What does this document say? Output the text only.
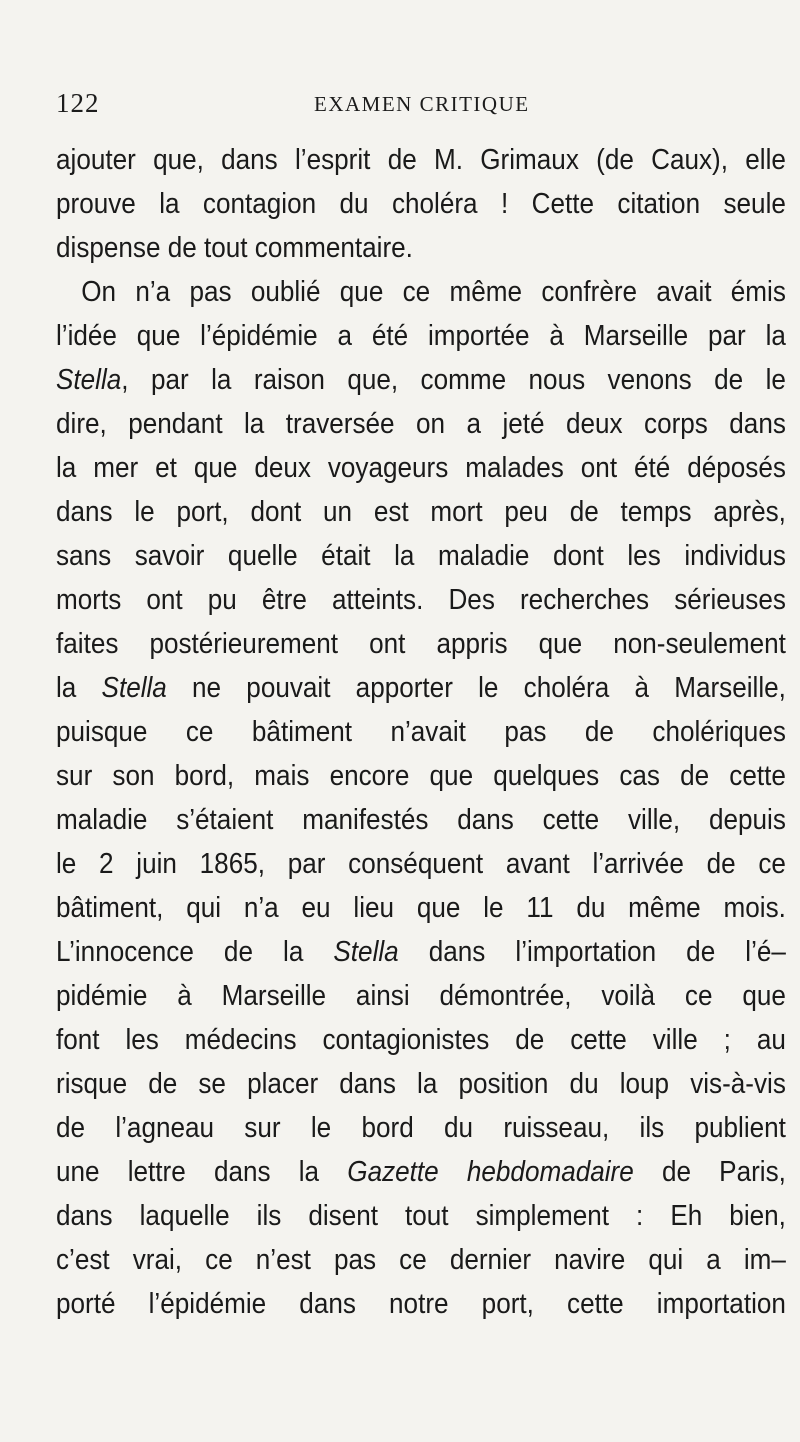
122	EXAMEN CRITIQUE
ajouter que, dans l’esprit de M. Grimaux (de Caux), elle
prouve la contagion du choléra ! Cette citation seule
dispense de tout commentaire.
On n’a pas oublié que ce même confrère avait émis
l’idée que l’épidémie a été importée à Marseille par la
Stella, par la raison que, comme nous venons de le
dire, pendant la traversée on a jeté deux corps dans
la mer et que deux voyageurs malades ont été déposés
dans le port, dont un est mort peu de temps après,
sans savoir quelle était la maladie dont les individus
morts ont pu être atteints. Des recherches sérieuses
faites postérieurement ont appris que non-seulement
la Stella ne pouvait apporter le choléra à Marseille,
puisque ce bâtiment n’avait pas de cholériques
sur son bord, mais encore que quelques cas de cette
maladie s’étaient manifestés dans cette ville, depuis
le 2 juin 1865, par conséquent avant l’arrivée de ce
bâtiment, qui n’a eu lieu que le 11 du même mois.
L’innocence de la Stella dans l’importation de l’é–
pidémie à Marseille ainsi démontrée, voilà ce que
font les médecins contagionistes de cette ville ; au
risque de se placer dans la position du loup vis-à-vis
de l’agneau sur le bord du ruisseau, ils publient
une lettre dans la Gazette hebdomadaire de Paris,
dans laquelle ils disent tout simplement : Eh bien,
c’est vrai, ce n’est pas ce dernier navire qui a im–
porté l’épidémie dans notre port, cette importation
